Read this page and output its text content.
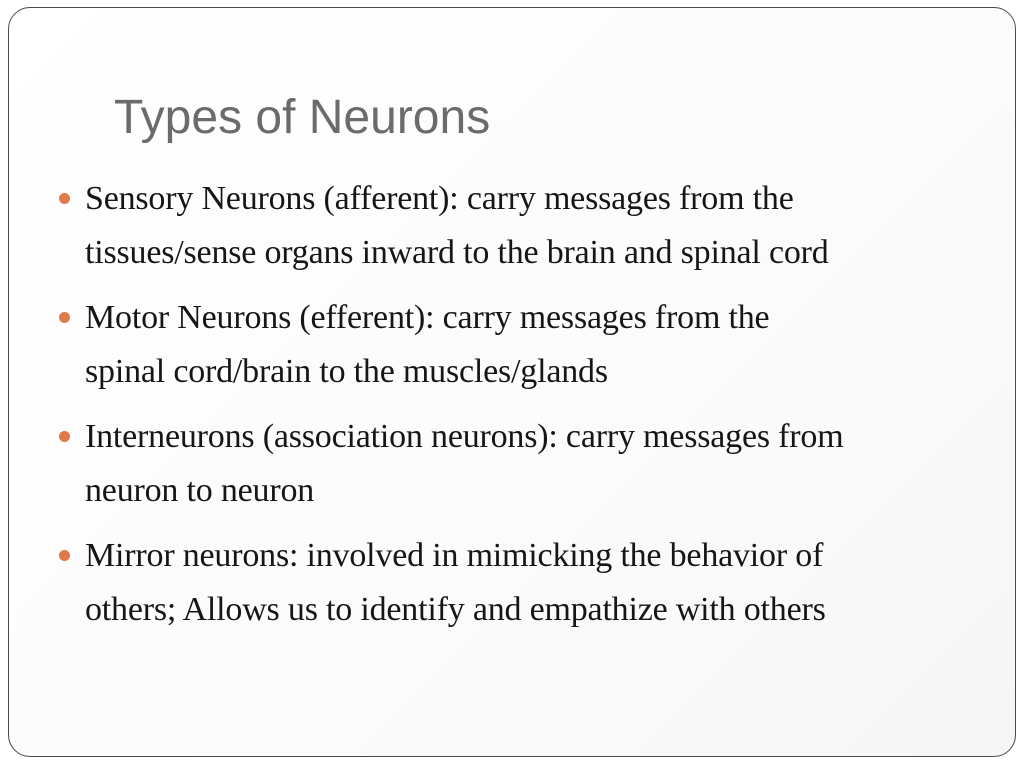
Types of Neurons
Sensory Neurons (afferent): carry messages from the
tissues/sense organs inward to the brain and spinal cord
Motor Neurons (efferent): carry messages from the
spinal cord/brain to the muscles/glands
Interneurons (association neurons): carry messages from
neuron to neuron
Mirror neurons: involved in mimicking the behavior of
others; Allows us to identify and empathize with others
